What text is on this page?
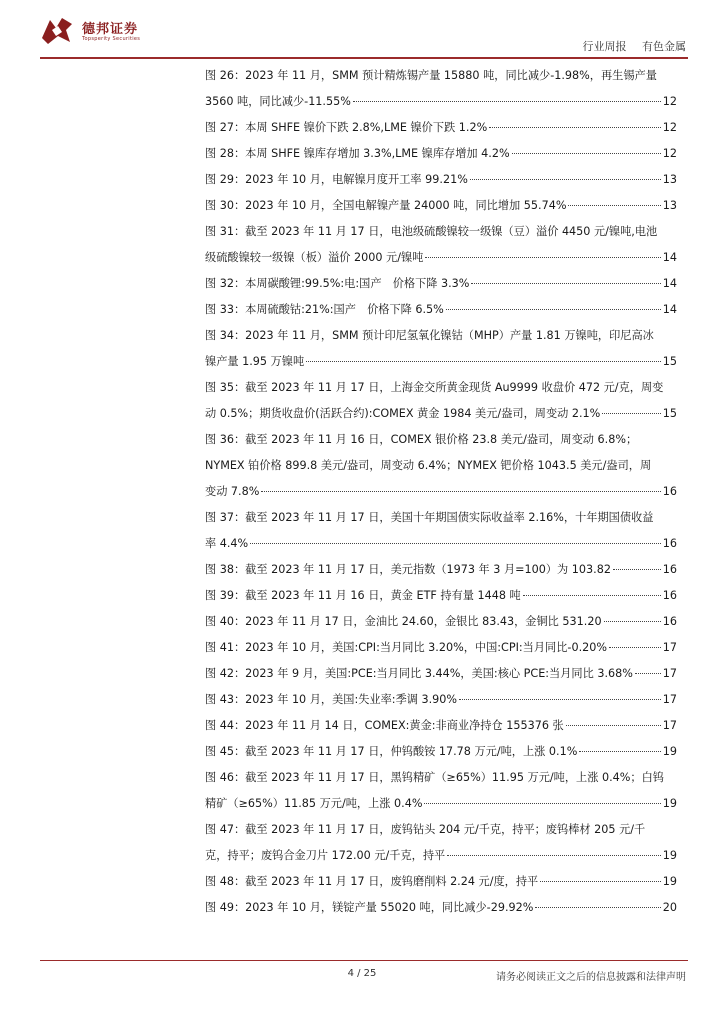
德邦证券
Topsperity Securities
行业周报 有色金属
图 26：2023 年 11 月，SMM 预计精炼锡产量 15880 吨，同比减少-1.98%，再生锡产量
3560 吨，同比减少-11.55%	12
图 27：本周 SHFE 镍价下跌 2.8%,LME 镍价下跌 1.2%	12
图 28：本周 SHFE 镍库存增加 3.3%,LME 镍库存增加 4.2%	12
图 29：2023 年 10 月，电解镍月度开工率 99.21%	13
图 30：2023 年 10 月，全国电解镍产量 24000 吨，同比增加 55.74%	13
图 31：截至 2023 年 11 月 17 日，电池级硫酸镍较一级镍（豆）溢价 4450 元/镍吨,电池
级硫酸镍较一级镍（板）溢价 2000 元/镍吨	14
图 32：本周碳酸锂:99.5%:电:国产　价格下降 3.3%	14
图 33：本周硫酸钴:21%:国产　价格下降 6.5%	14
图 34：2023 年 11 月，SMM 预计印尼氢氧化镍钴（MHP）产量 1.81 万镍吨，印尼高冰
镍产量 1.95 万镍吨	15
图 35：截至 2023 年 11 月 17 日，上海金交所黄金现货 Au9999 收盘价 472 元/克，周变
动 0.5%；期货收盘价(活跃合约):COMEX 黄金 1984 美元/盎司，周变动 2.1%	15
图 36：截至 2023 年 11 月 16 日，COMEX 银价格 23.8 美元/盎司，周变动 6.8%；
NYMEX 铂价格 899.8 美元/盎司，周变动 6.4%；NYMEX 钯价格 1043.5 美元/盎司，周
变动 7.8%	16
图 37：截至 2023 年 11 月 17 日，美国十年期国债实际收益率 2.16%，十年期国债收益
率 4.4%	16
图 38：截至 2023 年 11 月 17 日，美元指数（1973 年 3 月=100）为 103.82	16
图 39：截至 2023 年 11 月 16 日，黄金 ETF 持有量 1448 吨	16
图 40：2023 年 11 月 17 日，金油比 24.60，金银比 83.43，金铜比 531.20	16
图 41：2023 年 10 月，美国:CPI:当月同比 3.20%，中国:CPI:当月同比-0.20%	17
图 42：2023 年 9 月，美国:PCE:当月同比 3.44%，美国:核心 PCE:当月同比 3.68%	17
图 43：2023 年 10 月，美国:失业率:季调 3.90%	17
图 44：2023 年 11 月 14 日，COMEX:黄金:非商业净持仓 155376 张	17
图 45：截至 2023 年 11 月 17 日，仲钨酸铵 17.78 万元/吨，上涨 0.1%	19
图 46：截至 2023 年 11 月 17 日，黑钨精矿（≥65%）11.95 万元/吨，上涨 0.4%；白钨
精矿（≥65%）11.85 万元/吨，上涨 0.4%	19
图 47：截至 2023 年 11 月 17 日，废钨钻头 204 元/千克，持平；废钨棒材 205 元/千
克，持平；废钨合金刀片 172.00 元/千克，持平	19
图 48：截至 2023 年 11 月 17 日，废钨磨削料 2.24 元/度，持平	19
图 49：2023 年 10 月，镁锭产量 55020 吨，同比减少-29.92%	20
4 / 25	请务必阅读正文之后的信息披露和法律声明
